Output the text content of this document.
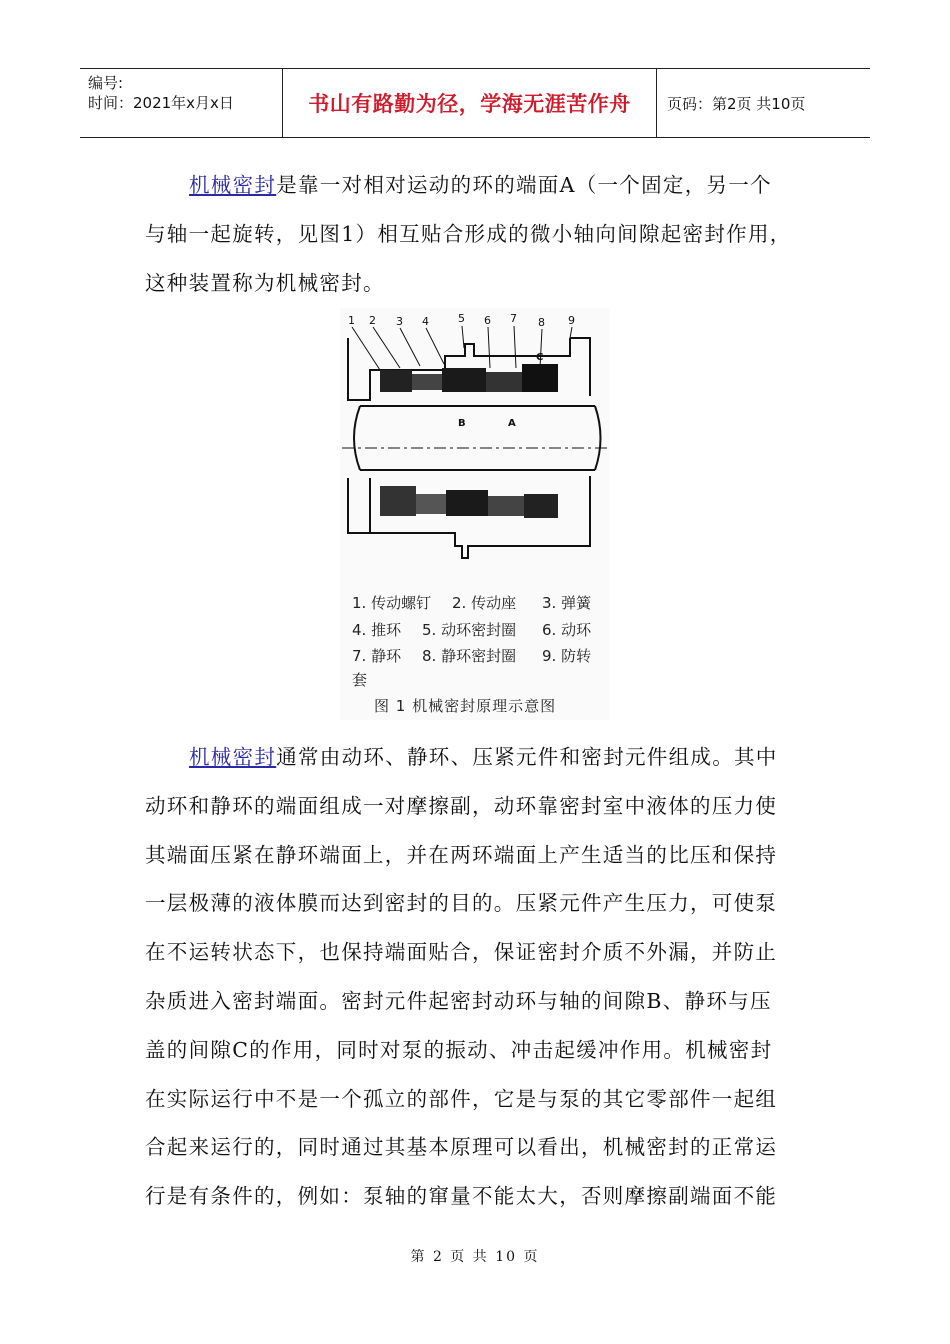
编号:
时间：2021年x月x日	书山有路勤为径，学海无涯苦作舟 页码：第2页 共10页
机械密封是靠一对相对运动的环的端面A（一个固定，另一个
与轴一起旋转，见图1）相互贴合形成的微小轴向间隙起密封作用，
这种装置称为机械密封。
1 2 3 4	5 6 7 8 9
C
B	A
1. 传动螺钉 2. 传动座 3. 弹簧
4. 推环 5. 动环密封圈 6. 动环
7. 静环 8. 静环密封圈 9. 防转
套
图 1 机械密封原理示意图
机械密封通常由动环、静环、压紧元件和密封元件组成。其中
动环和静环的端面组成一对摩擦副，动环靠密封室中液体的压力使
其端面压紧在静环端面上，并在两环端面上产生适当的比压和保持
一层极薄的液体膜而达到密封的目的。压紧元件产生压力，可使泵
在不运转状态下，也保持端面贴合，保证密封介质不外漏，并防止
杂质进入密封端面。密封元件起密封动环与轴的间隙B、静环与压
盖的间隙C的作用，同时对泵的振动、冲击起缓冲作用。机械密封
在实际运行中不是一个孤立的部件，它是与泵的其它零部件一起组
合起来运行的，同时通过其基本原理可以看出，机械密封的正常运
行是有条件的，例如：泵轴的窜量不能太大，否则摩擦副端面不能
第 2 页 共 10 页
